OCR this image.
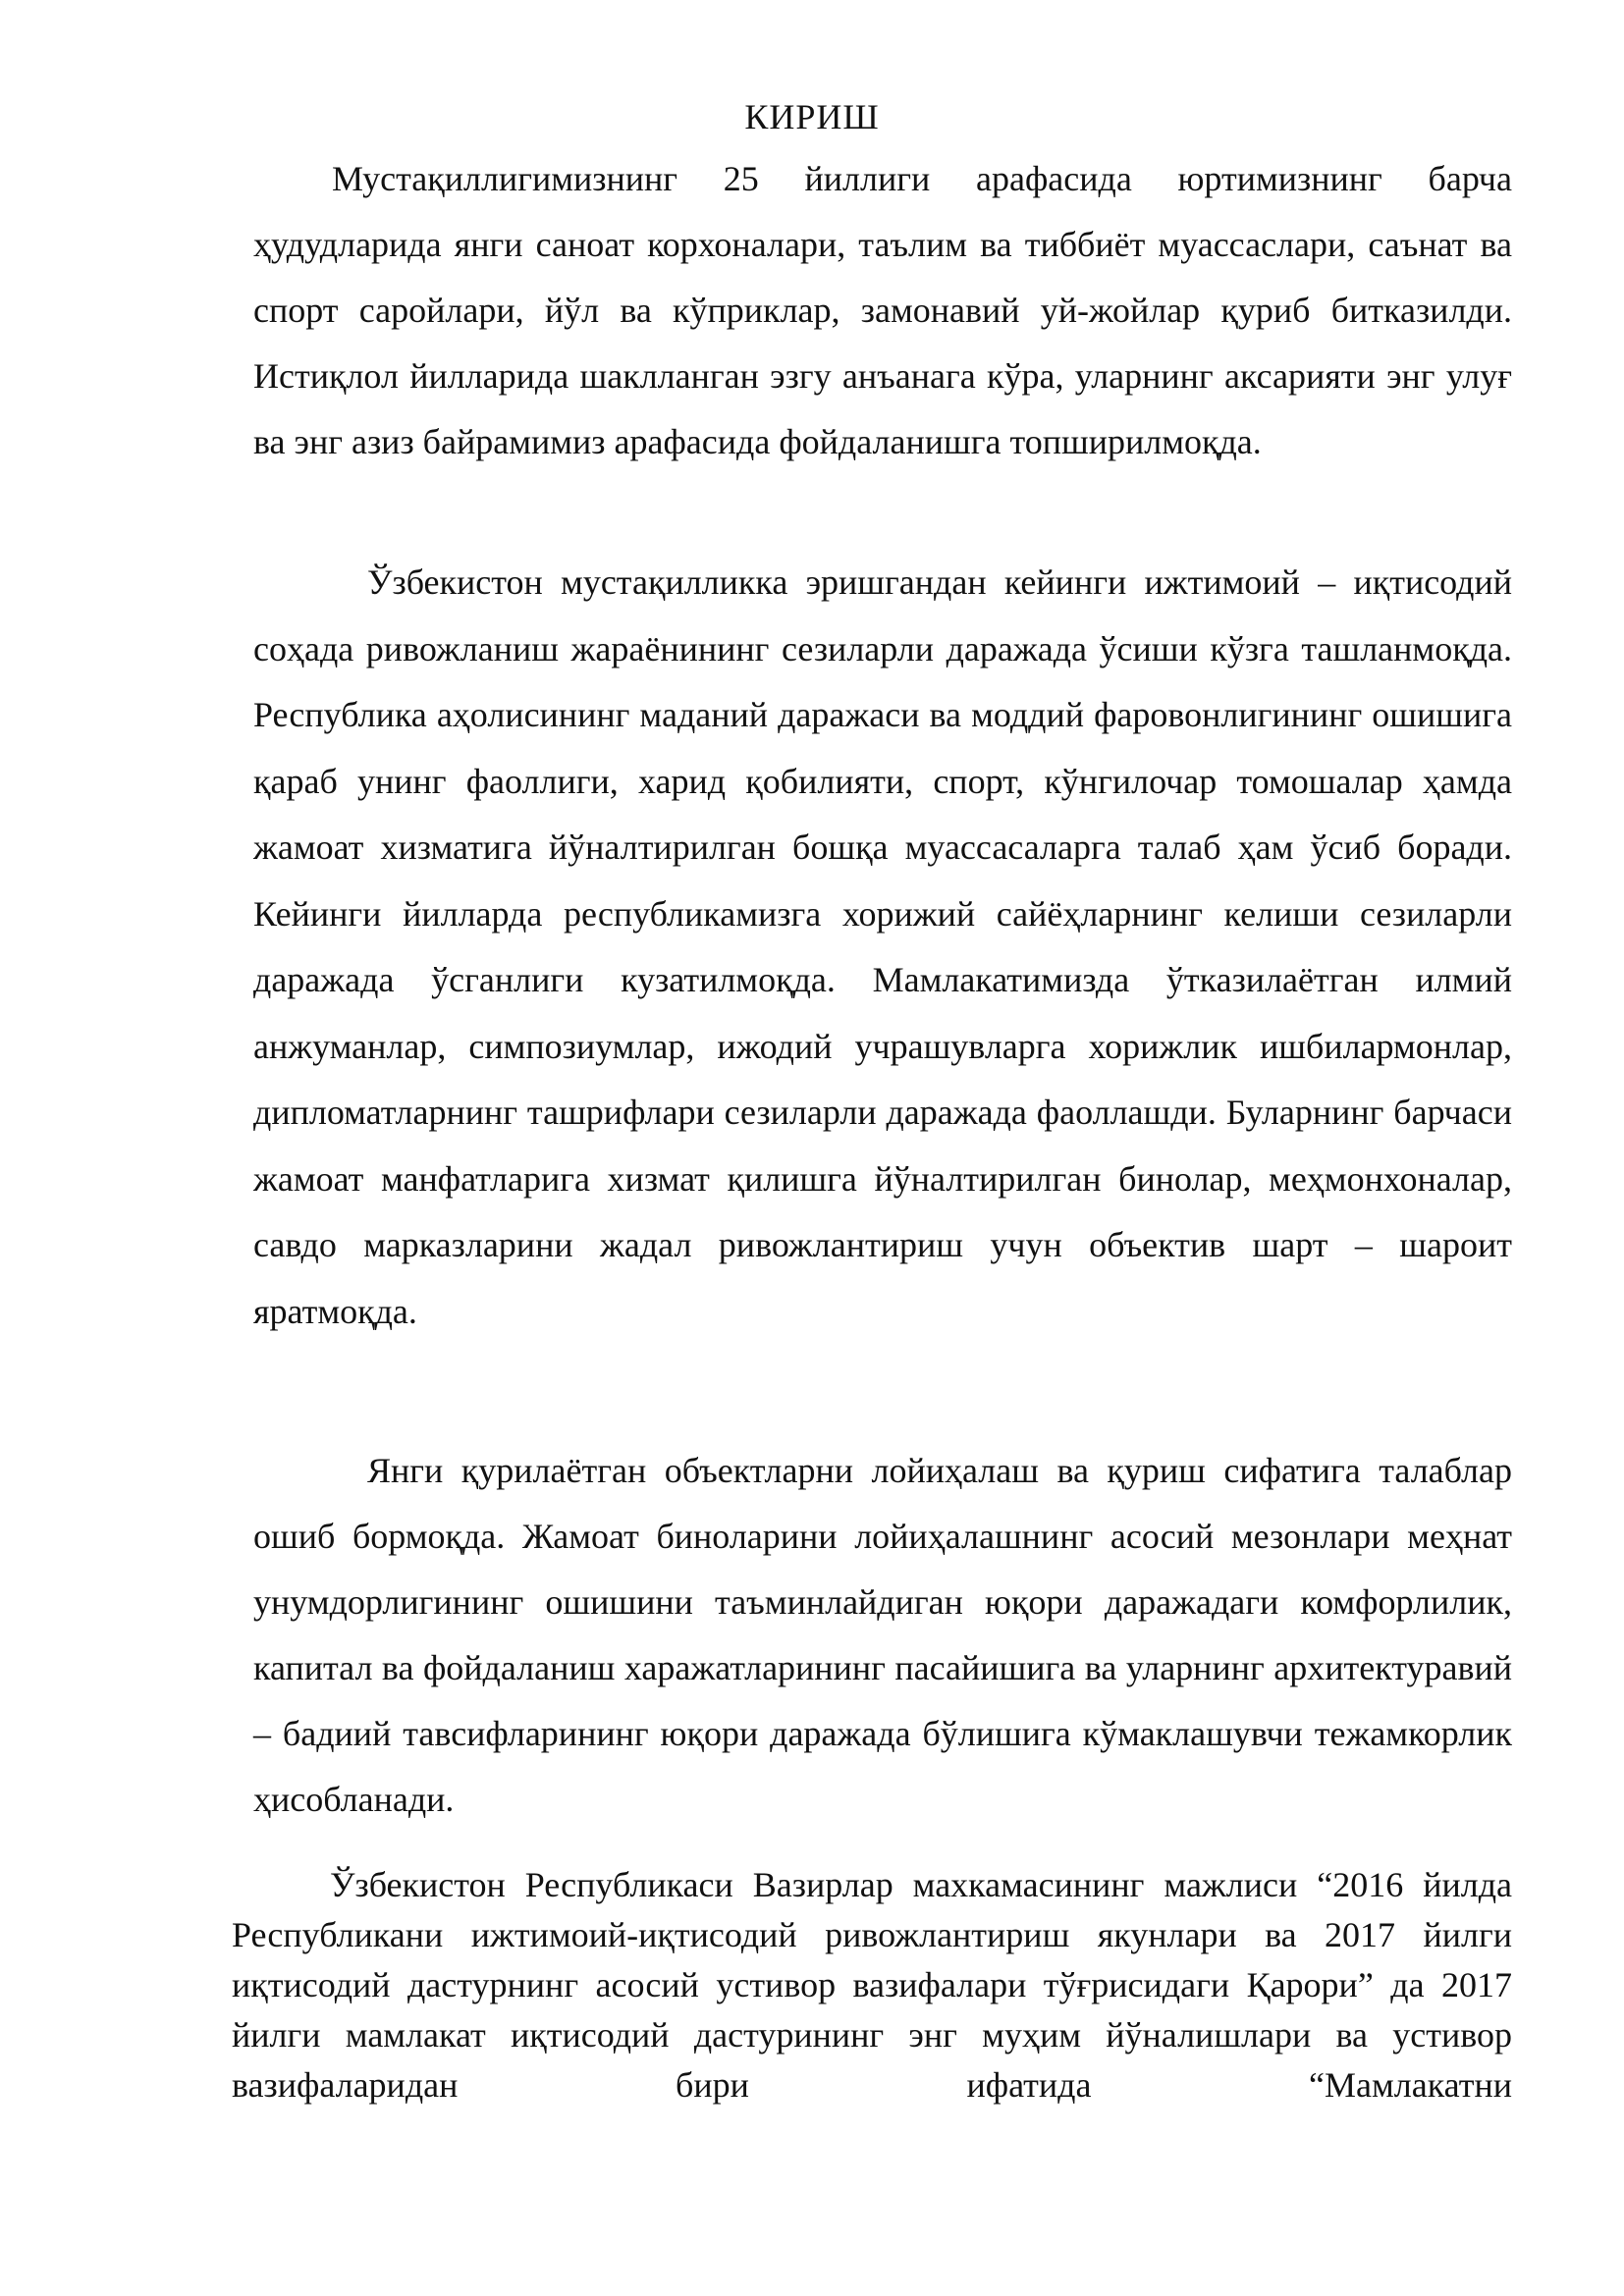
КИРИШ

Мустақиллигимизнинг 25 йиллиги арафасида юртимизнинг барча ҳудудларида янги саноат корхоналари, таълим ва тиббиёт муассаслари, саънат ва спорт саройлари, йўл ва кўприклар, замонавий уй-жойлар қуриб битказилди. Истиқлол йилларида шаклланган эзгу анъанага кўра, уларнинг аксарияти энг улуғ ва энг азиз байрамимиз арафасида фойдаланишга топширилмоқда.

Ўзбекистон мустақилликка эришгандан кейинги ижтимоий – иқтисодий соҳада ривожланиш жараёнининг сезиларли даражада ўсиши кўзга ташланмоқда. Республика аҳолисининг маданий даражаси ва моддий фаровонлигининг ошишига қараб унинг фаоллиги, харид қобилияти, спорт, кўнгилочар томошалар ҳамда жамоат хизматига йўналтирилган бошқа муассасаларга талаб ҳам ўсиб боради. Кейинги йилларда республикамизга хорижий сайёҳларнинг келиши сезиларли даражада ўсганлиги кузатилмоқда. Мамлакатимизда ўтказилаётган илмий анжуманлар, симпозиумлар, ижодий учрашувларга хорижлик ишбилармонлар, дипломатларнинг ташрифлари сезиларли даражада фаоллашди. Буларнинг барчаси жамоат манфатларига хизмат қилишга йўналтирилган бинолар, меҳмонхоналар, савдо марказларини жадал ривожлантириш учун объектив шарт – шароит яратмоқда.

Янги қурилаётган объектларни лойиҳалаш ва қуриш сифатига талаблар ошиб бормоқда. Жамоат биноларини лойиҳалашнинг асосий мезонлари меҳнат унумдорлигининг ошишини таъминлайдиган юқори даражадаги комфорлилик, капитал ва фойдаланиш харажатларининг пасайишига ва уларнинг архитектуравий – бадиий тавсифларининг юқори даражада бўлишига кўмаклашувчи тежамкорлик ҳисобланади.

Ўзбекистон Республикаси Вазирлар махкамасининг мажлиси “2016 йилда Республикани ижтимоий-иқтисодий ривожлантириш якунлари ва 2017 йилги иқтисодий дастурнинг асосий устивор вазифалари тўғрисидаги Қарори” да 2017 йилги мамлакат иқтисодий дастурининг энг муҳим йўналишлари ва устивор вазифаларидан бири ифатида “Мамлакатни
